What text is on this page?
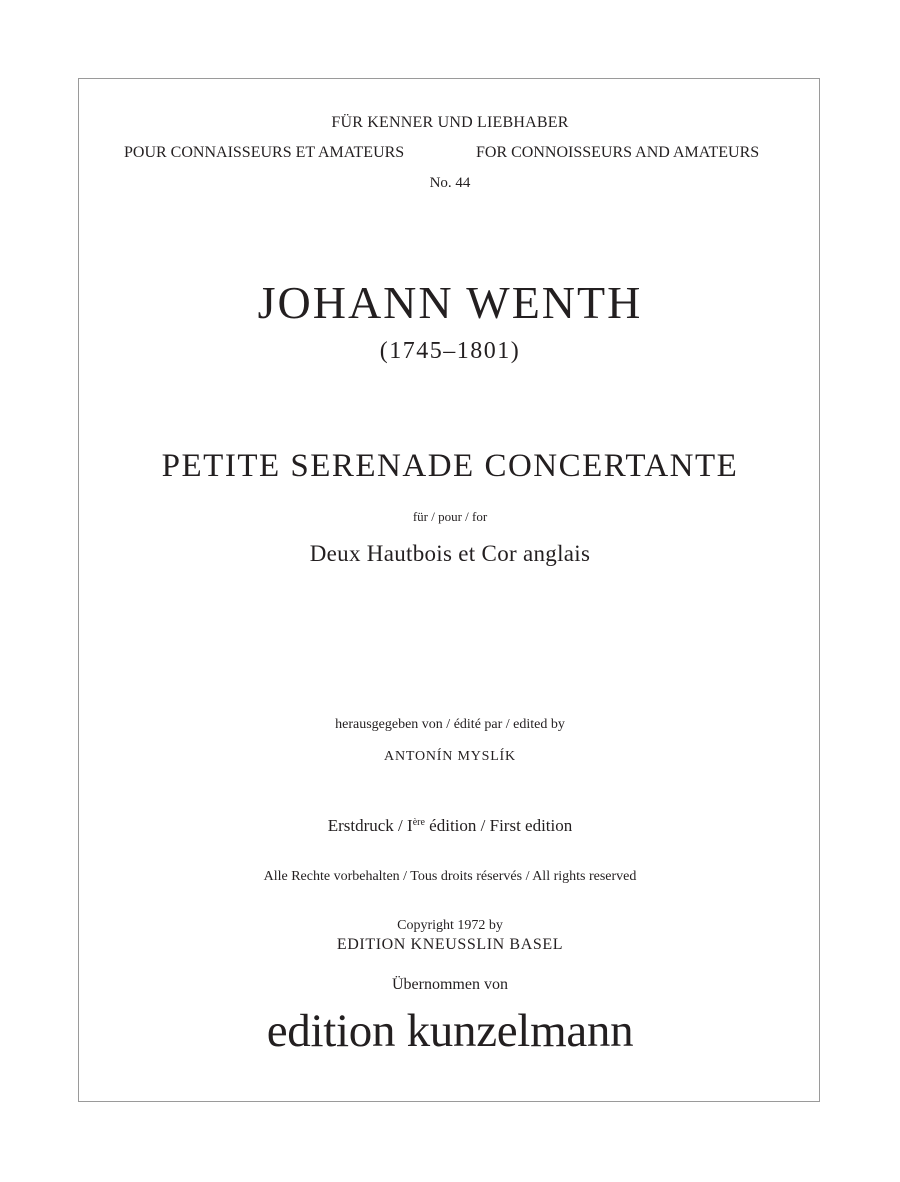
FÜR KENNER UND LIEBHABER
POUR CONNAISSEURS ET AMATEURS	FOR CONNOISSEURS AND AMATEURS
No. 44
JOHANN WENTH
(1745–1801)
PETITE SERENADE CONCERTANTE
für / pour / for
Deux Hautbois et Cor anglais
herausgegeben von / édité par / edited by
ANTONÍN MYSLÍK
Erstdruck / Ière édition / First edition
Alle Rechte vorbehalten / Tous droits réservés / All rights reserved
Copyright 1972 by
EDITION KNEUSSLIN BASEL
Übernommen von
edition kunzelmann
